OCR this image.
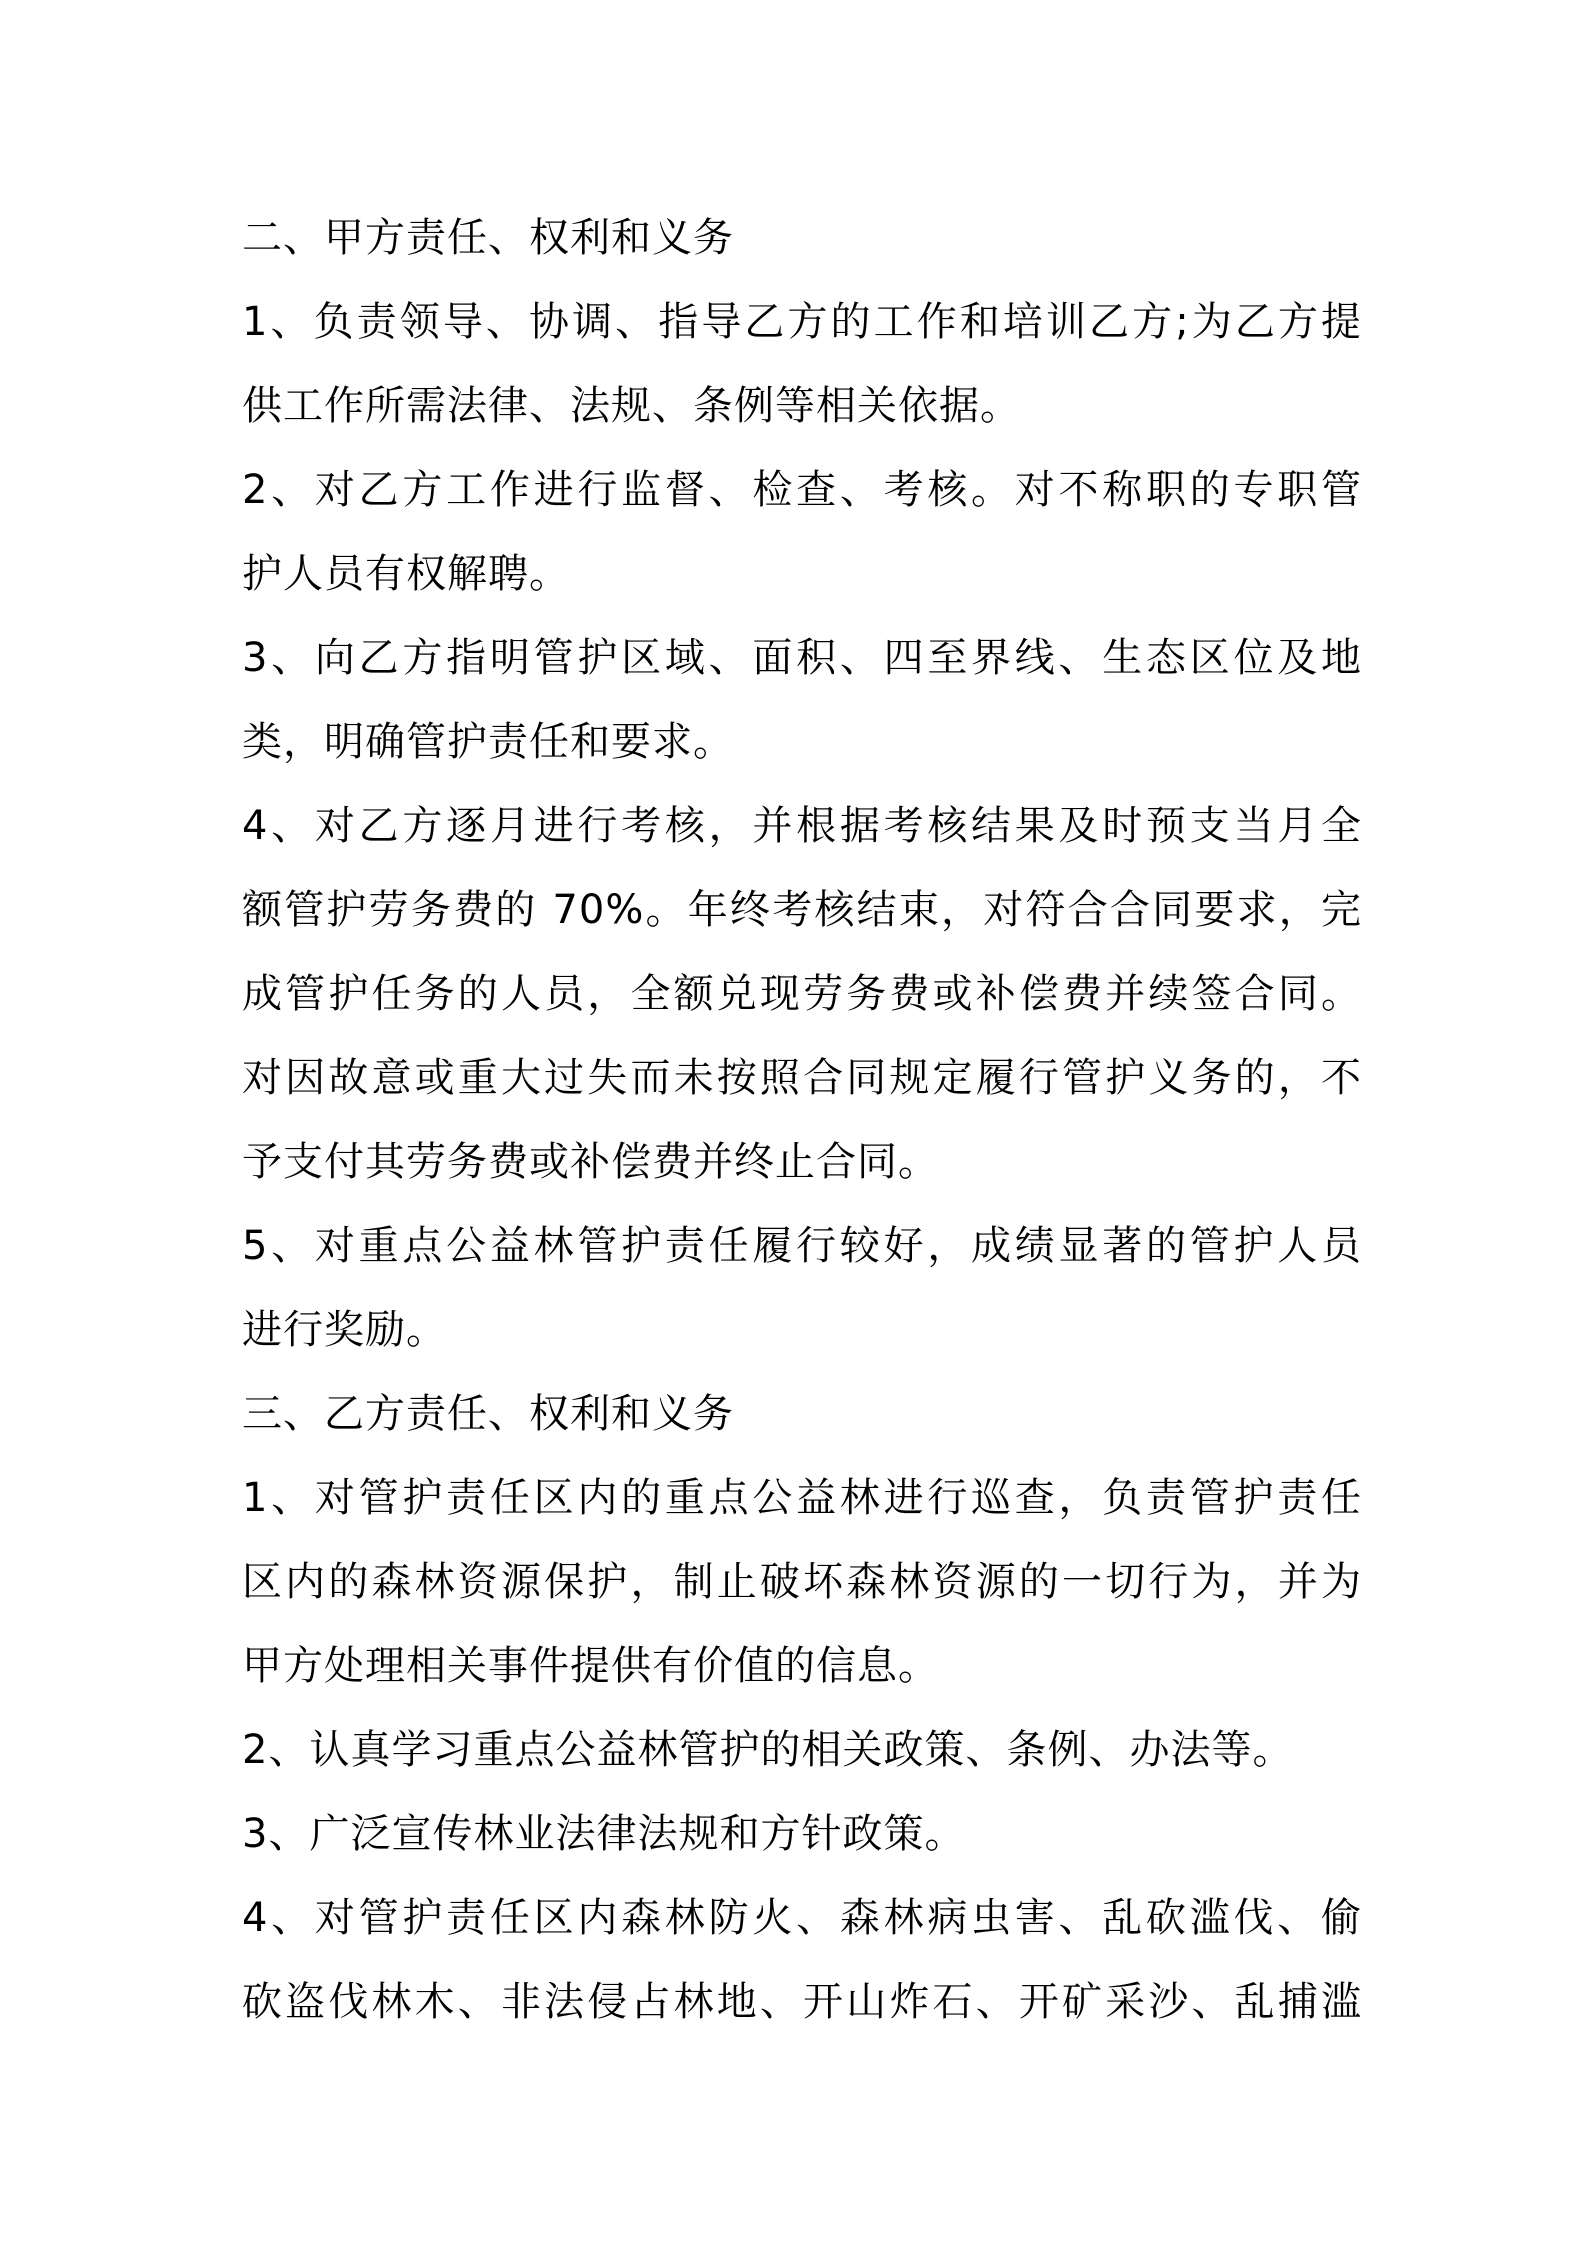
二、甲方责任、权利和义务
1、负责领导、协调、指导乙方的工作和培训乙方;为乙方提
供工作所需法律、法规、条例等相关依据。
2、对乙方工作进行监督、检查、考核。对不称职的专职管
护人员有权解聘。
3、向乙方指明管护区域、面积、四至界线、生态区位及地
类，明确管护责任和要求。
4、对乙方逐月进行考核，并根据考核结果及时预支当月全
额管护劳务费的 70%。年终考核结束，对符合合同要求，完
成管护任务的人员，全额兑现劳务费或补偿费并续签合同。
对因故意或重大过失而未按照合同规定履行管护义务的，不
予支付其劳务费或补偿费并终止合同。
5、对重点公益林管护责任履行较好，成绩显著的管护人员
进行奖励。
三、乙方责任、权利和义务
1、对管护责任区内的重点公益林进行巡查，负责管护责任
区内的森林资源保护，制止破坏森林资源的一切行为，并为
甲方处理相关事件提供有价值的信息。
2、认真学习重点公益林管护的相关政策、条例、办法等。
3、广泛宣传林业法律法规和方针政策。
4、对管护责任区内森林防火、森林病虫害、乱砍滥伐、偷
砍盗伐林木、非法侵占林地、开山炸石、开矿采沙、乱捕滥
